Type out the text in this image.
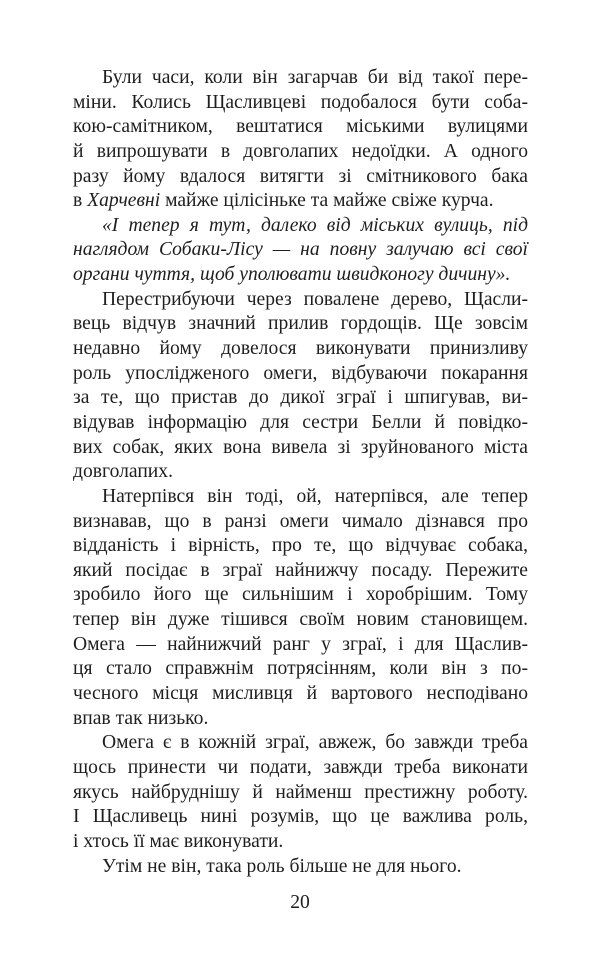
Були часи, коли він загарчав би від такої пере-
міни. Колись Щасливцеві подобалося бути соба-
кою-самітником, вештатися міськими вулицями
й випрошувати в довголапих недоїдки. А одного
разу йому вдалося витягти зі смітникового бака
в Харчевні майже цілісіньке та майже свіже курча.
«І тепер я тут, далеко від міських вулиць, під
наглядом Собаки-Лісу — на повну залучаю всі свої
органи чуття, щоб уполювати швидконогу дичину».
Перестрибуючи через повалене дерево, Щасли-
вець відчув значний прилив гордощів. Ще зовсім
недавно йому довелося виконувати принизливу
роль упослідженого омеги, відбуваючи покарання
за те, що пристав до дикої зграї і шпигував, ви-
відував інформацію для сестри Белли й повідко-
вих собак, яких вона вивела зі зруйнованого міста
довголапих.
Натерпівся він тоді, ой, натерпівся, але тепер
визнавав, що в ранзі омеги чимало дізнався про
відданість і вірність, про те, що відчуває собака,
який посідає в зграї найнижчу посаду. Пережите
зробило його ще сильнішим і хоробрішим. Тому
тепер він дуже тішився своїм новим становищем.
Омега — найнижчий ранг у зграї, і для Щаслив-
ця стало справжнім потрясінням, коли він з по-
чесного місця мисливця й вартового несподівано
впав так низько.
Омега є в кожній зграї, авжеж, бо завжди треба
щось принести чи подати, завжди треба виконати
якусь найбруднішу й найменш престижну роботу.
І Щасливець нині розумів, що це важлива роль,
і хтось її має виконувати.
Утім не він, така роль більше не для нього.
20
